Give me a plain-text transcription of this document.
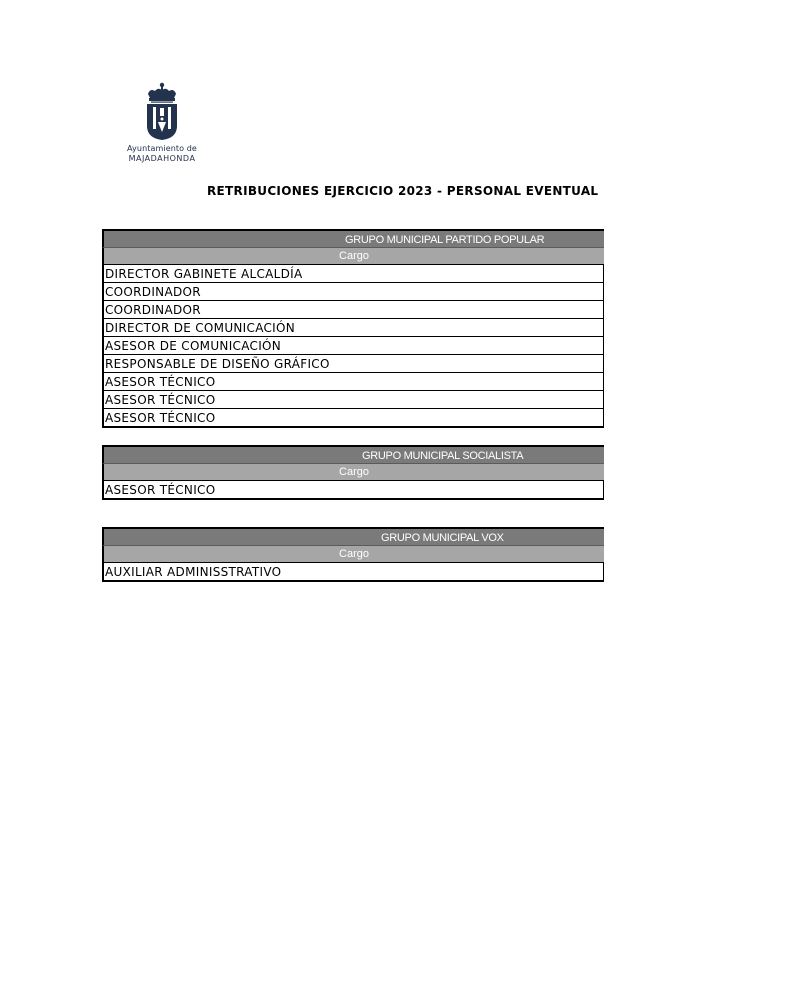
Ayuntamiento de
MAJADAHONDA
RETRIBUCIONES EJERCICIO 2023 - PERSONAL EVENTUAL
GRUPO MUNICIPAL PARTIDO POPULAR
Cargo
DIRECTOR GABINETE ALCALDÍA
COORDINADOR
COORDINADOR
DIRECTOR DE COMUNICACIÓN
ASESOR DE COMUNICACIÓN
RESPONSABLE DE DISEÑO GRÁFICO
ASESOR TÉCNICO
ASESOR TÉCNICO
ASESOR TÉCNICO
GRUPO MUNICIPAL SOCIALISTA
Cargo
ASESOR TÉCNICO
GRUPO MUNICIPAL VOX
Cargo
AUXILIAR ADMINISSTRATIVO
